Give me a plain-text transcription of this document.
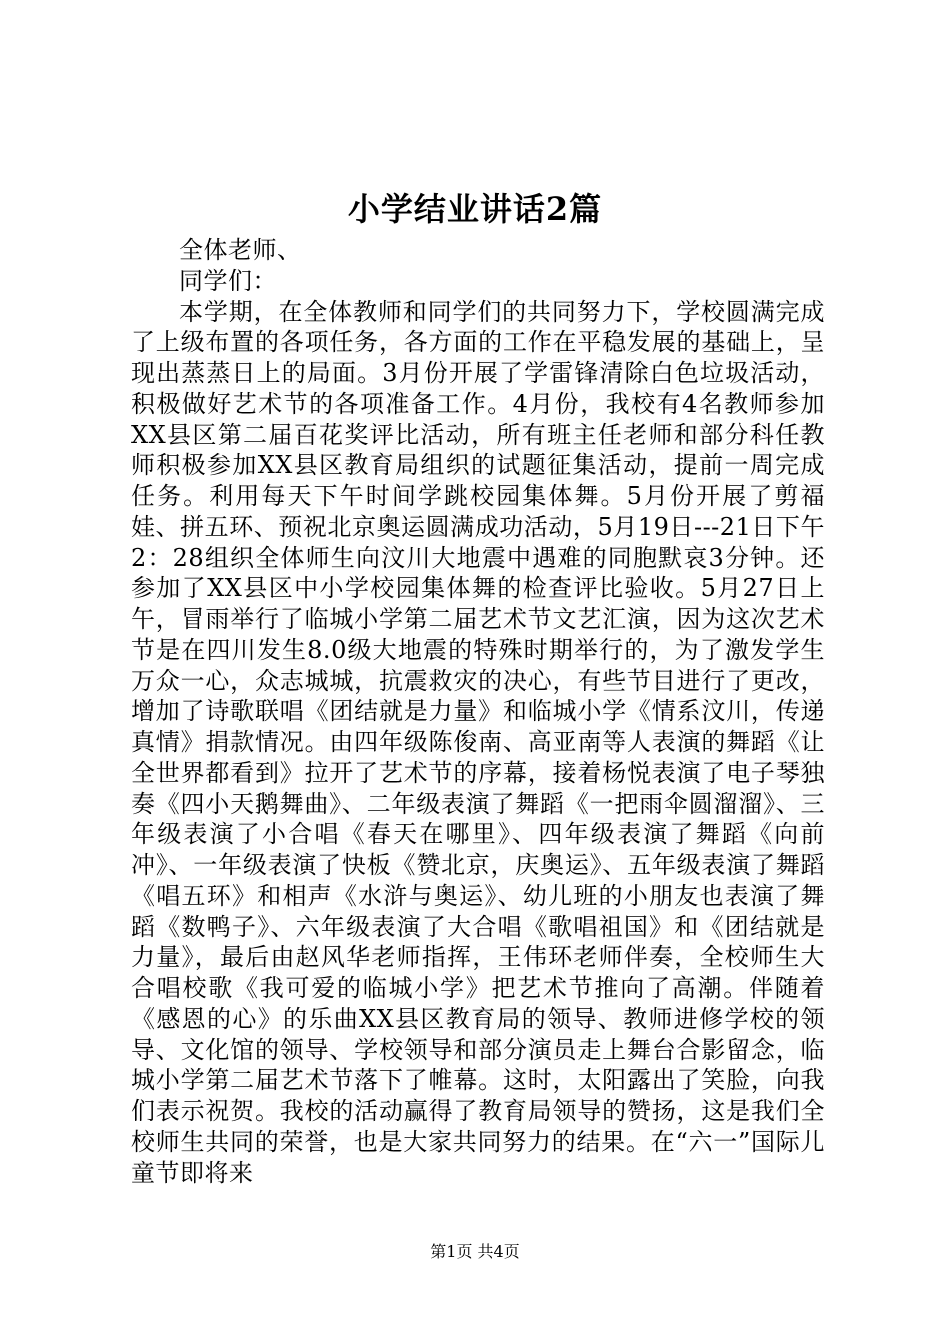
小学结业讲话2篇

全体老师、

同学们：

本学期，在全体教师和同学们的共同努力下，学校圆满完成了上级布置的各项任务，各方面的工作在平稳发展的基础上，呈现出蒸蒸日上的局面。3月份开展了学雷锋清除白色垃圾活动，积极做好艺术节的各项准备工作。4月份，我校有4名教师参加XX县区第二届百花奖评比活动，所有班主任老师和部分科任教师积极参加XX县区教育局组织的试题征集活动，提前一周完成任务。利用每天下午时间学跳校园集体舞。5月份开展了剪福娃、拼五环、预祝北京奥运圆满成功活动，5月19日---21日下午2：28组织全体师生向汶川大地震中遇难的同胞默哀3分钟。还参加了XX县区中小学校园集体舞的检查评比验收。5月27日上午，冒雨举行了临城小学第二届艺术节文艺汇演，因为这次艺术节是在四川发生8.0级大地震的特殊时期举行的，为了激发学生万众一心，众志城城，抗震救灾的决心，有些节目进行了更改，增加了诗歌联唱《团结就是力量》和临城小学《情系汶川，传递真情》捐款情况。由四年级陈俊南、高亚南等人表演的舞蹈《让全世界都看到》拉开了艺术节的序幕，接着杨悦表演了电子琴独奏《四小天鹅舞曲》、二年级表演了舞蹈《一把雨伞圆溜溜》、三年级表演了小合唱《春天在哪里》、四年级表演了舞蹈《向前冲》、一年级表演了快板《赞北京，庆奥运》、五年级表演了舞蹈《唱五环》和相声《水浒与奥运》、幼儿班的小朋友也表演了舞蹈《数鸭子》、六年级表演了大合唱《歌唱祖国》和《团结就是力量》，最后由赵风华老师指挥，王伟环老师伴奏，全校师生大合唱校歌《我可爱的临城小学》把艺术节推向了高潮。伴随着《感恩的心》的乐曲XX县区教育局的领导、教师进修学校的领导、文化馆的领导、学校领导和部分演员走上舞台合影留念，临城小学第二届艺术节落下了帷幕。这时，太阳露出了笑脸，向我们表示祝贺。我校的活动赢得了教育局领导的赞扬，这是我们全校师生共同的荣誉，也是大家共同努力的结果。在“六一”国际儿童节即将来

第1页 共4页
